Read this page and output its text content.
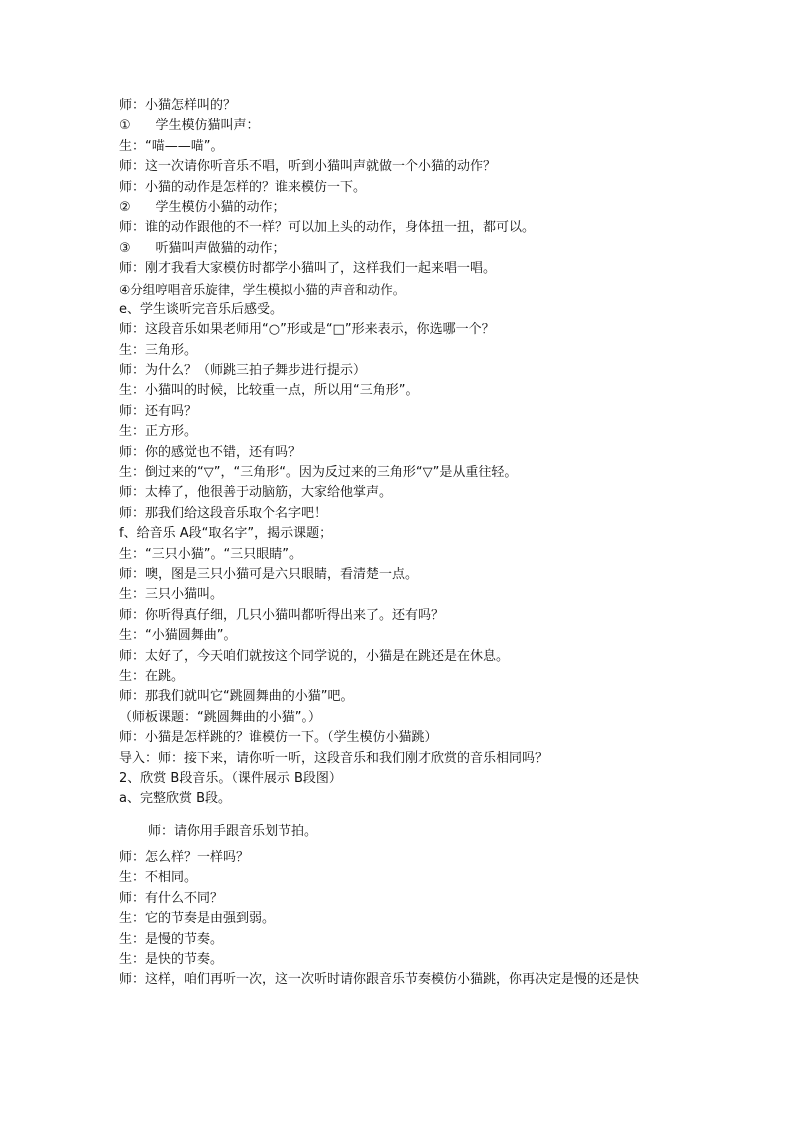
师：小猫怎样叫的？
①      学生模仿猫叫声：
生：“喵——喵”。
师：这一次请你听音乐不唱，听到小猫叫声就做一个小猫的动作？
师：小猫的动作是怎样的？谁来模仿一下。
②      学生模仿小猫的动作；
师：谁的动作跟他的不一样？可以加上头的动作，身体扭一扭，都可以。
③      听猫叫声做猫的动作；
师：刚才我看大家模仿时都学小猫叫了，这样我们一起来唱一唱。
④分组哼唱音乐旋律，学生模拟小猫的声音和动作。
e、学生谈听完音乐后感受。
师：这段音乐如果老师用“○”形或是“□”形来表示，你选哪一个？
生：三角形。
师：为什么？（师跳三拍子舞步进行提示）
生：小猫叫的时候，比较重一点，所以用“三角形”。
师：还有吗？
生：正方形。
师：你的感觉也不错，还有吗？
生：倒过来的“▽”，“三角形“。因为反过来的三角形“▽”是从重往轻。
师：太棒了，他很善于动脑筋，大家给他掌声。
师：那我们给这段音乐取个名字吧！
f、给音乐 A段“取名字”，揭示课题；
生：“三只小猫”。“三只眼睛”。
师：噢，图是三只小猫可是六只眼睛，看清楚一点。
生：三只小猫叫。
师：你听得真仔细，几只小猫叫都听得出来了。还有吗？
生：“小猫圆舞曲”。
师：太好了，今天咱们就按这个同学说的，小猫是在跳还是在休息。
生：在跳。
师：那我们就叫它“跳圆舞曲的小猫”吧。
（师板课题：“跳圆舞曲的小猫”。）
师：小猫是怎样跳的？谁模仿一下。（学生模仿小猫跳）
导入：师：接下来，请你听一听，这段音乐和我们刚才欣赏的音乐相同吗？
2、欣赏 B段音乐。（课件展示 B段图）
a、完整欣赏 B段。
师：请你用手跟音乐划节拍。
师：怎么样？一样吗？
生：不相同。
师：有什么不同？
生：它的节奏是由强到弱。
生：是慢的节奏。
生：是快的节奏。
师：这样，咱们再听一次，这一次听时请你跟音乐节奏模仿小猫跳，你再决定是慢的还是快
